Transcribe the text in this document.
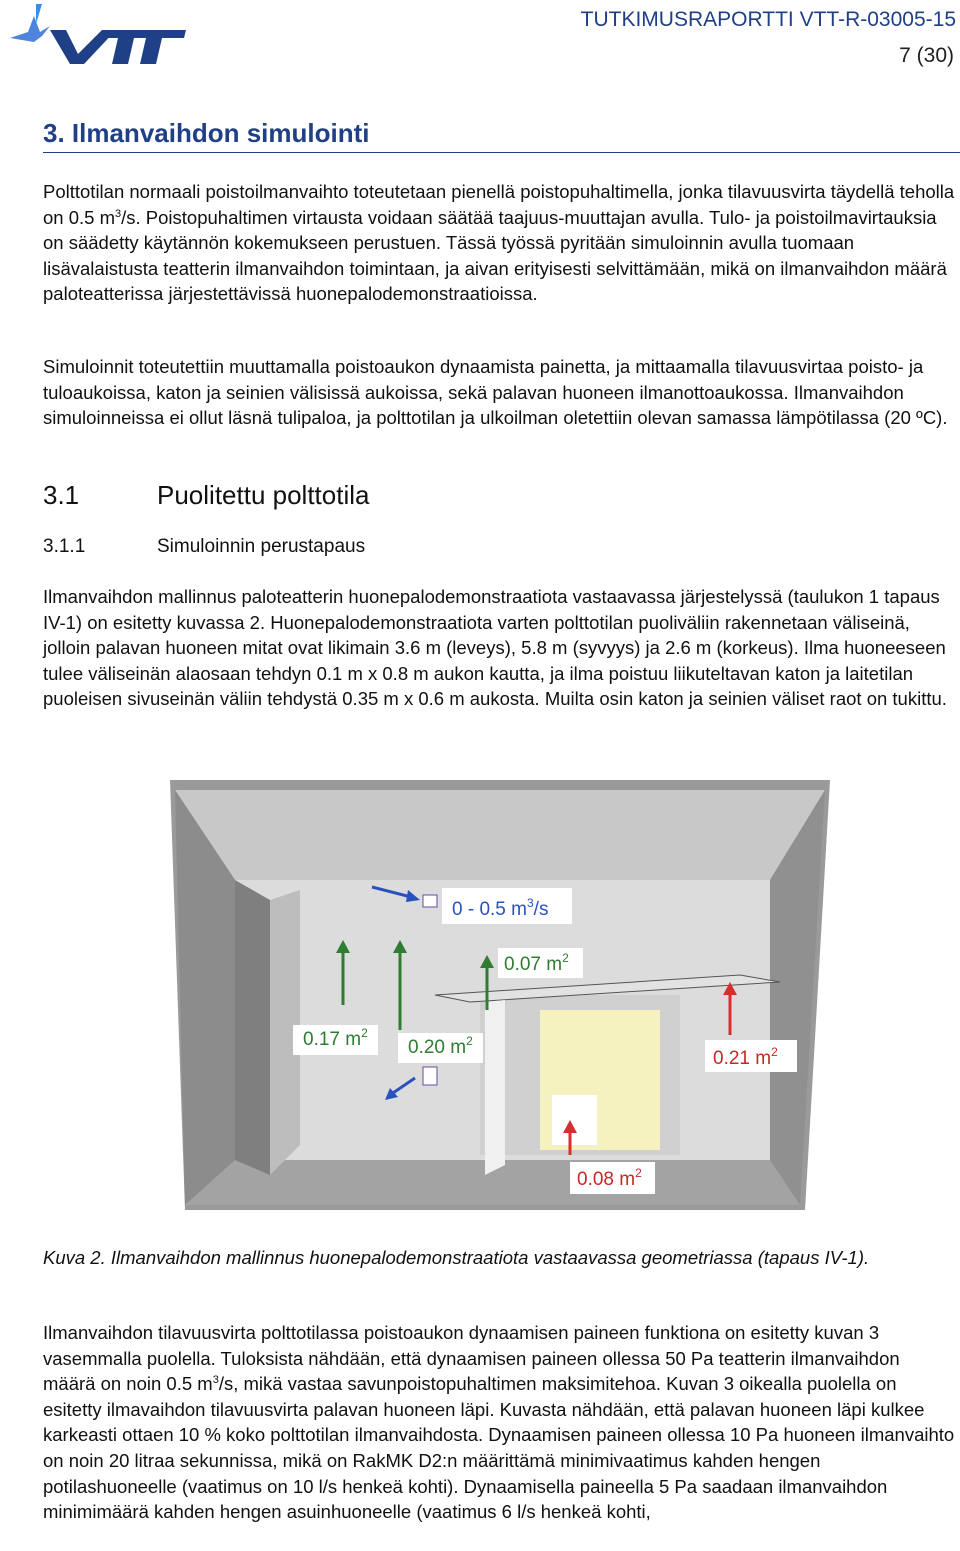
VTT
TUTKIMUSRAPORTTI VTT-R-03005-15
7 (30)
3. Ilmanvaihdon simulointi
Polttotilan normaali poistoilmanvaihto toteutetaan pienellä poistopuhaltimella, jonka tilavuusvirta täydellä teholla on 0.5 $m^3/s$. Poistopuhaltimen virtausta voidaan säätää taajuus-muuttajan avulla. Tulo- ja poistoilmavirtauksia on säädetty käytännön kokemukseen perustuen. Tässä työssä pyritään simuloinnin avulla tuomaan lisävalaistusta teatterin ilmanvaihdon toimintaan, ja aivan erityisesti selvittämään, mikä on ilmanvaihdon määrä paloteatterissa järjestettävissä huonepalodemonstraatioissa.
Simuloinnit toteutettiin muuttamalla poistoaukon dynaamista painetta, ja mittaamalla tilavuusvirtaa poisto- ja tuloaukoissa, katon ja seinien välisissä aukoissa, sekä palavan huoneen ilmanottoaukossa. Ilmanvaihdon simuloinneissa ei ollut läsnä tulipaloa, ja polttotilan ja ulkoilman oletettiin olevan samassa lämpötilassa (20 ºC).
3.1	Puolitettu polttotila
3.1.1	Simuloinnin perustapaus
Ilmanvaihdon mallinnus paloteatterin huonepalodemonstraatiota vastaavassa järjestelyssä (taulukon 1 tapaus IV-1) on esitetty kuvassa 2. Huonepalodemonstraatiota varten polttotilan puoliväliin rakennetaan väliseinä, jolloin palavan huoneen mitat ovat likimain 3.6 m (leveys), 5.8 m (syvyys) ja 2.6 m (korkeus). Ilma huoneeseen tulee väliseinän alaosaan tehdyn 0.1 m x 0.8 m aukon kautta, ja ilma poistuu liikuteltavan katon ja laitetilan puoleisen sivuseinän väliin tehdystä 0.35 m x 0.6 m aukosta. Muilta osin katon ja seinien väliset raot on tukittu.
0 - 0.5 $m^3/s$
0.07 $m^2$
0.17 $m^2$
0.20 $m^2$
0.21 $m^2$
0.08 $m^2$
Kuva 2. Ilmanvaihdon mallinnus huonepalodemonstraatiota vastaavassa geometriassa (tapaus IV-1).
Ilmanvaihdon tilavuusvirta polttotilassa poistoaukon dynaamisen paineen funktiona on esitetty kuvan 3 vasemmalla puolella. Tuloksista nähdään, että dynaamisen paineen ollessa 50 Pa teatterin ilmanvaihdon määrä on noin 0.5 $m^3/s$, mikä vastaa savunpoistopuhaltimen maksimitehoa. Kuvan 3 oikealla puolella on esitetty ilmavaihdon tilavuusvirta palavan huoneen läpi. Kuvasta nähdään, että palavan huoneen läpi kulkee karkeasti ottaen 10 % koko polttotilan ilmanvaihdosta. Dynaamisen paineen ollessa 10 Pa huoneen ilmanvaihto on noin 20 litraa sekunnissa, mikä on RakMK D2:n määrittämä minimivaatimus kahden hengen potilashuoneelle (vaatimus on 10 l/s henkeä kohti). Dynaamisella paineella 5 Pa saadaan ilmanvaihdon minimimäärä kahden hengen asuinhuoneelle (vaatimus 6 l/s henkeä kohti,
